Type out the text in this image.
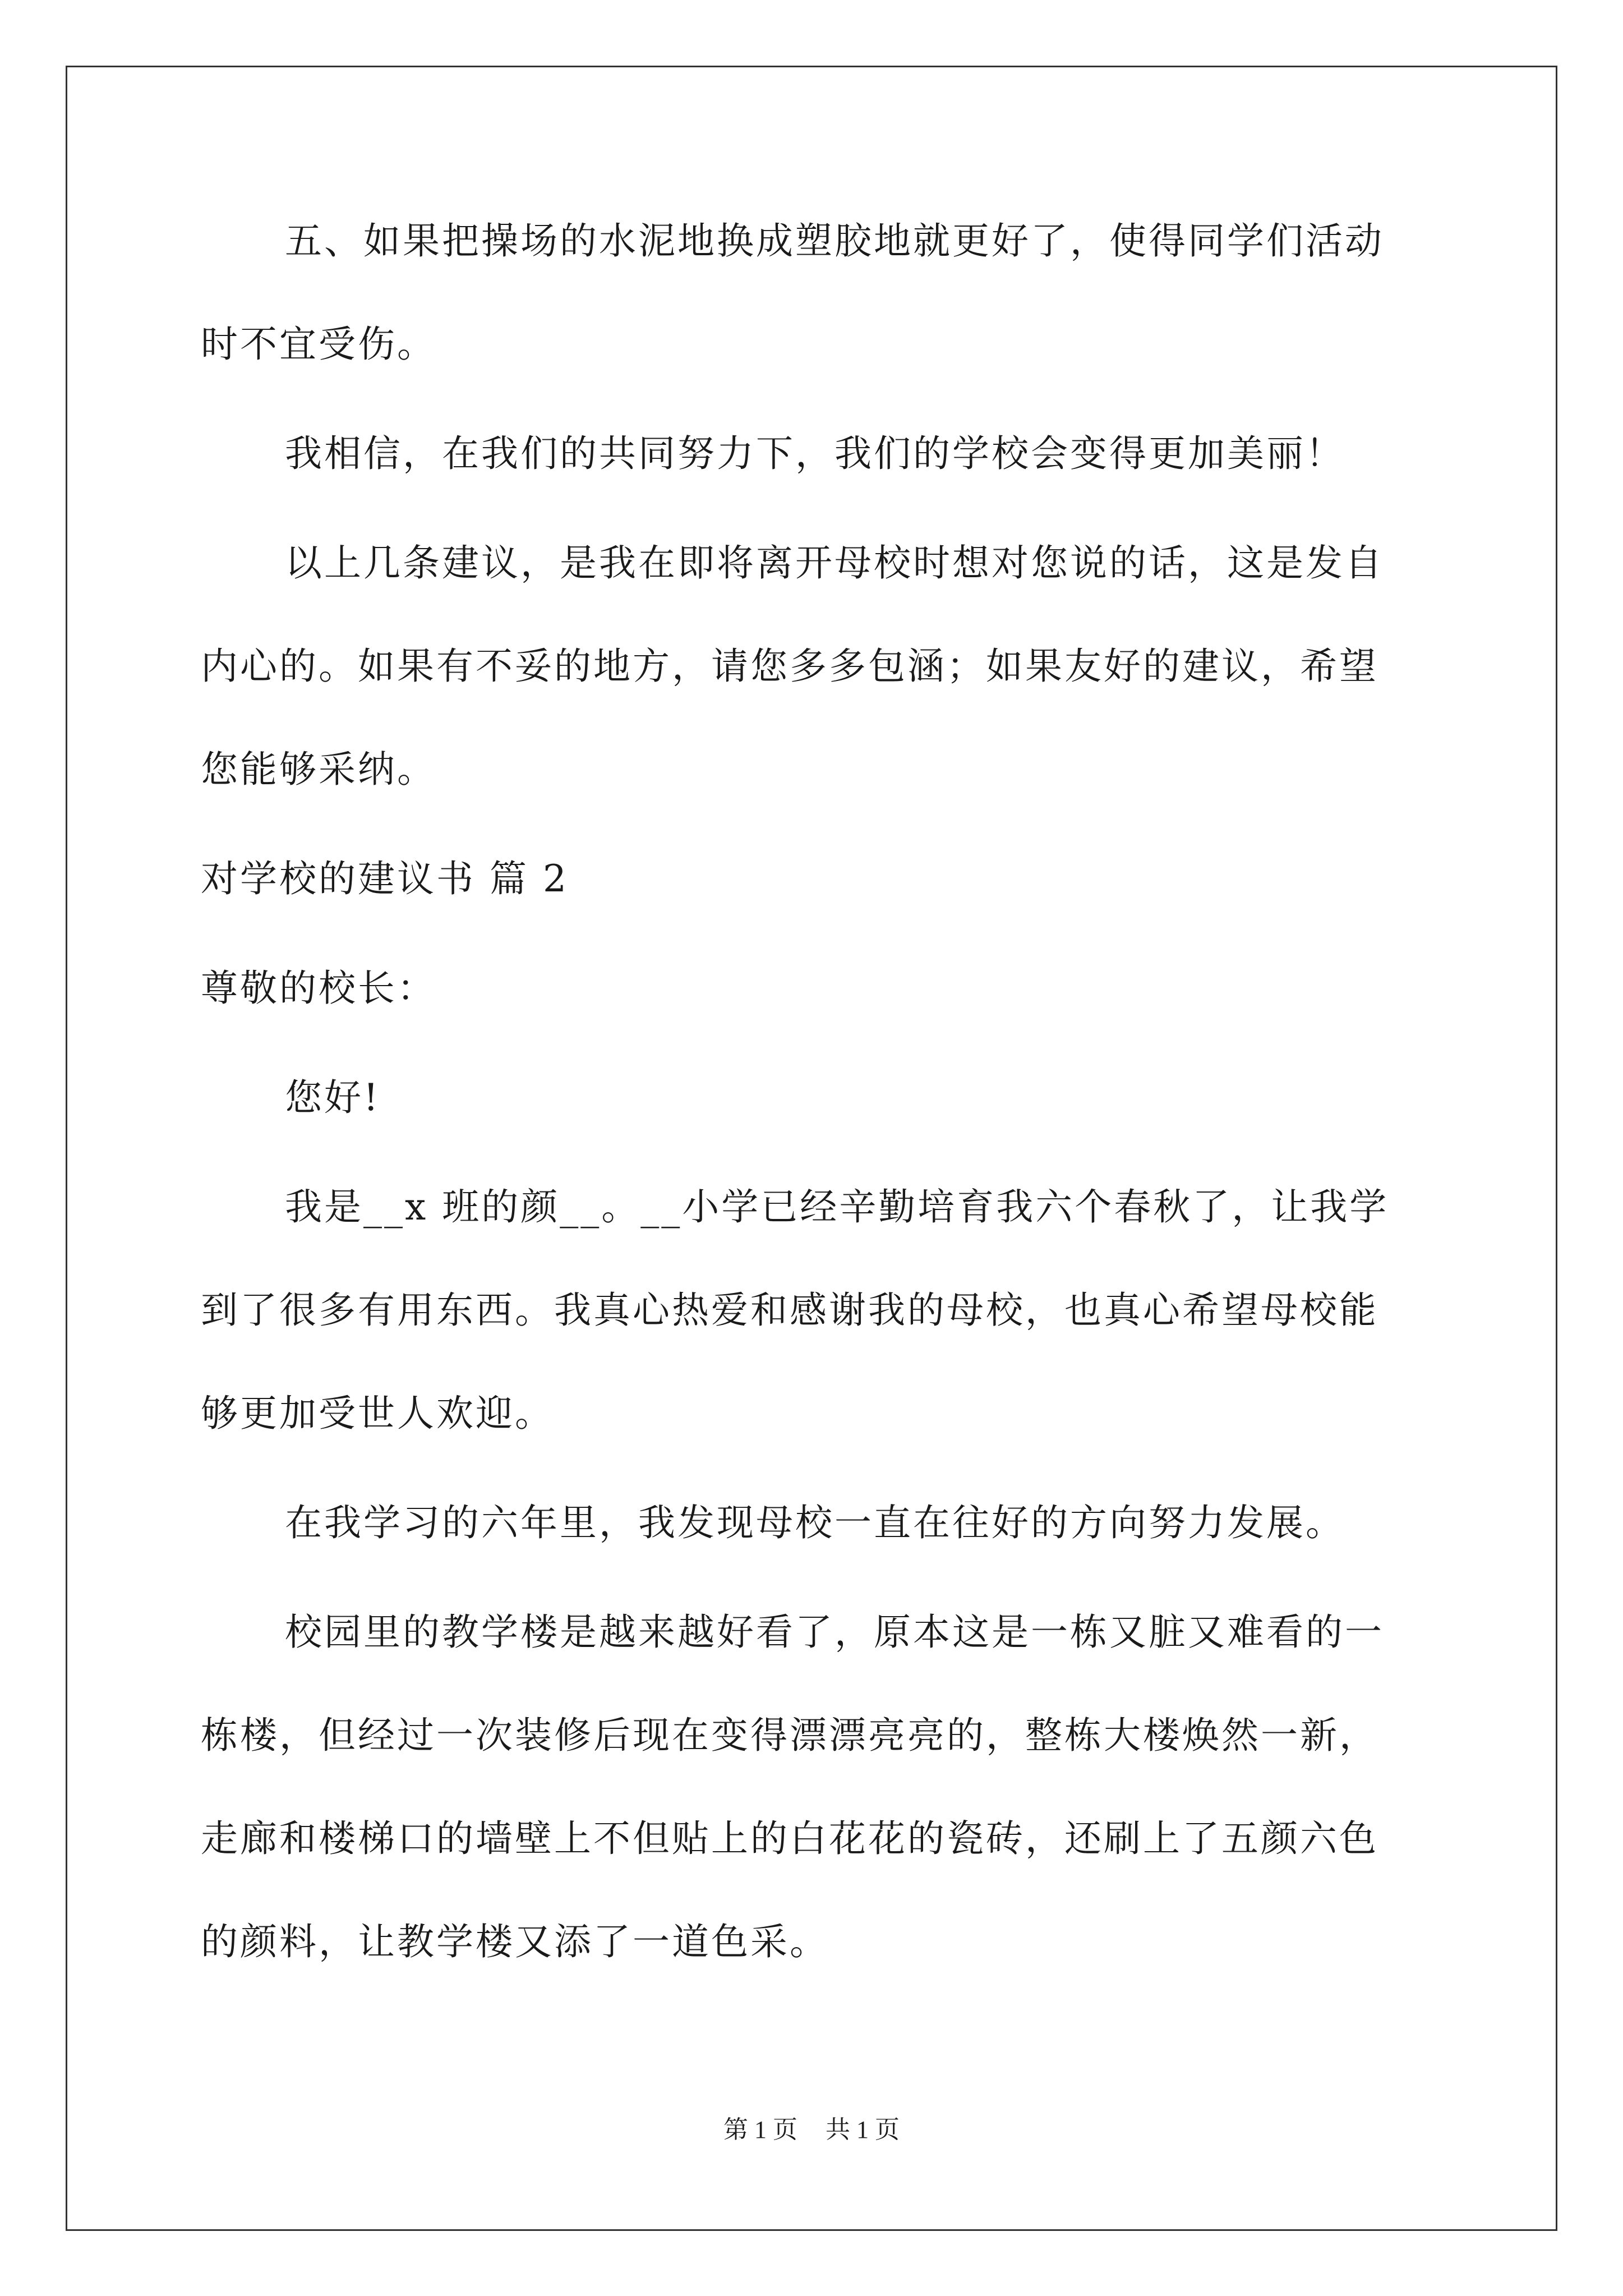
五、如果把操场的水泥地换成塑胶地就更好了，使得同学们活动
时不宜受伤。
我相信，在我们的共同努力下，我们的学校会变得更加美丽！
以上几条建议，是我在即将离开母校时想对您说的话，这是发自
内心的。如果有不妥的地方，请您多多包涵；如果友好的建议，希望
您能够采纳。
对学校的建议书 篇 2
尊敬的校长：
您好!
我是__x 班的颜__。__小学已经辛勤培育我六个春秋了，让我学
到了很多有用东西。我真心热爱和感谢我的母校，也真心希望母校能
够更加受世人欢迎。
在我学习的六年里，我发现母校一直在往好的方向努力发展。
校园里的教学楼是越来越好看了，原本这是一栋又脏又难看的一
栋楼，但经过一次装修后现在变得漂漂亮亮的，整栋大楼焕然一新，
走廊和楼梯口的墙壁上不但贴上的白花花的瓷砖，还刷上了五颜六色
的颜料，让教学楼又添了一道色采。
第 1 页 共 1 页
